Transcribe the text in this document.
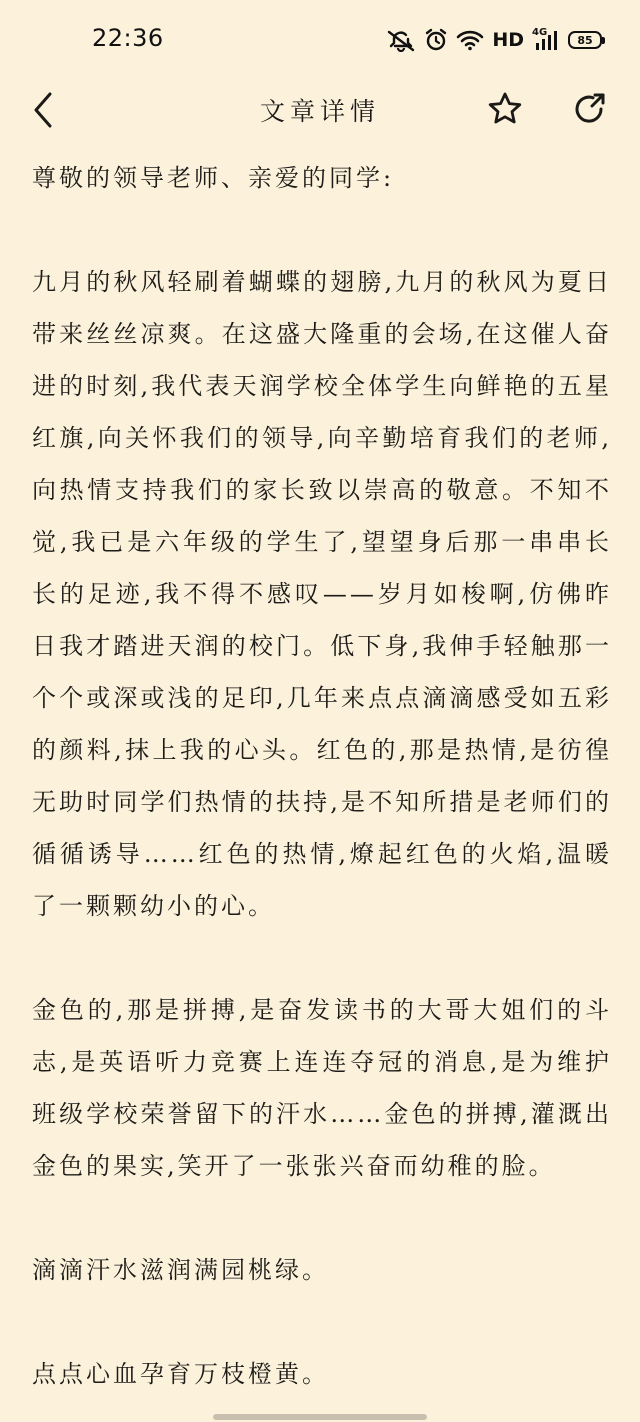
22:36	HD 4G
85
文章详情

尊敬的领导老师、亲爱的同学:

九月的秋风轻刷着蝴蝶的翅膀,九月的秋风为夏日带来丝丝凉爽。在这盛大隆重的会场,在这催人奋进的时刻,我代表天润学校全体学生向鲜艳的五星红旗,向关怀我们的领导,向辛勤培育我们的老师,向热情支持我们的家长致以崇高的敬意。不知不觉,我已是六年级的学生了,望望身后那一串串长长的足迹,我不得不感叹——岁月如梭啊,仿佛昨日我才踏进天润的校门。低下身,我伸手轻触那一个个或深或浅的足印,几年来点点滴滴感受如五彩的颜料,抹上我的心头。红色的,那是热情,是彷徨无助时同学们热情的扶持,是不知所措是老师们的循循诱导……红色的热情,燎起红色的火焰,温暖了一颗颗幼小的心。

金色的,那是拼搏,是奋发读书的大哥大姐们的斗志,是英语听力竞赛上连连夺冠的消息,是为维护班级学校荣誉留下的汗水……金色的拼搏,灌溉出金色的果实,笑开了一张张兴奋而幼稚的脸。

滴滴汗水滋润满园桃绿。

点点心血孕育万枝橙黄。
